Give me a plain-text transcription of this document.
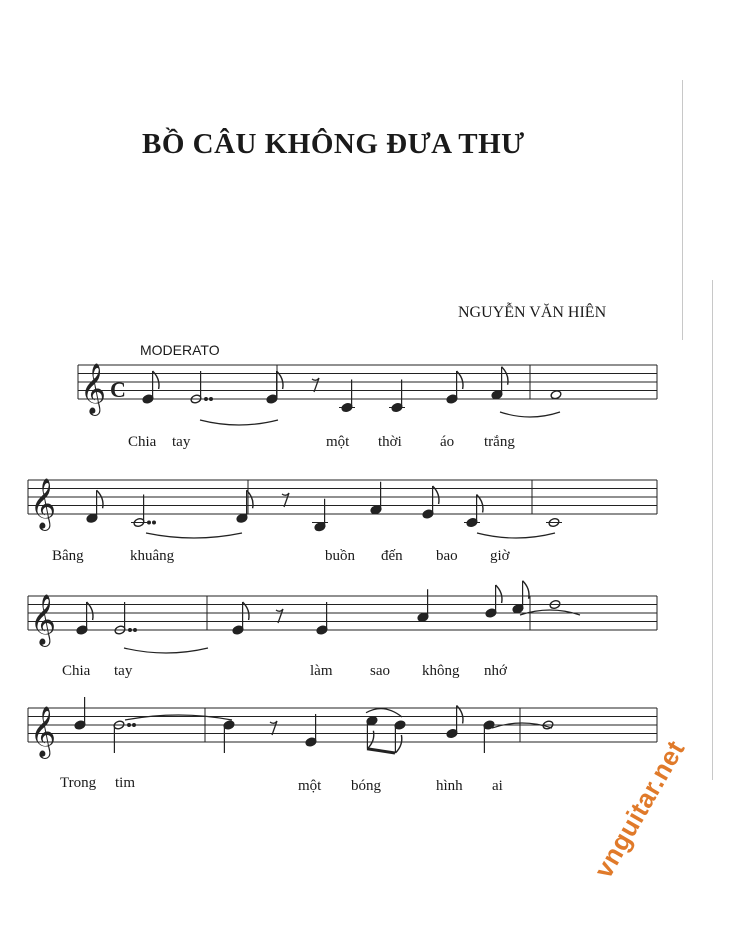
BỒ CÂU KHÔNG ĐƯA THƯ
NGUYỄN VĂN HIÊN
MODERATO
𝄞
𝄞
𝄞
𝄞
C
Chia tay	một thời	áo trắng
Bâng	khuâng	buồn đến bao giờ
Chia tay	làm	sao không nhớ
Trong tim	một bóng	hình ai	vnguitar.net
